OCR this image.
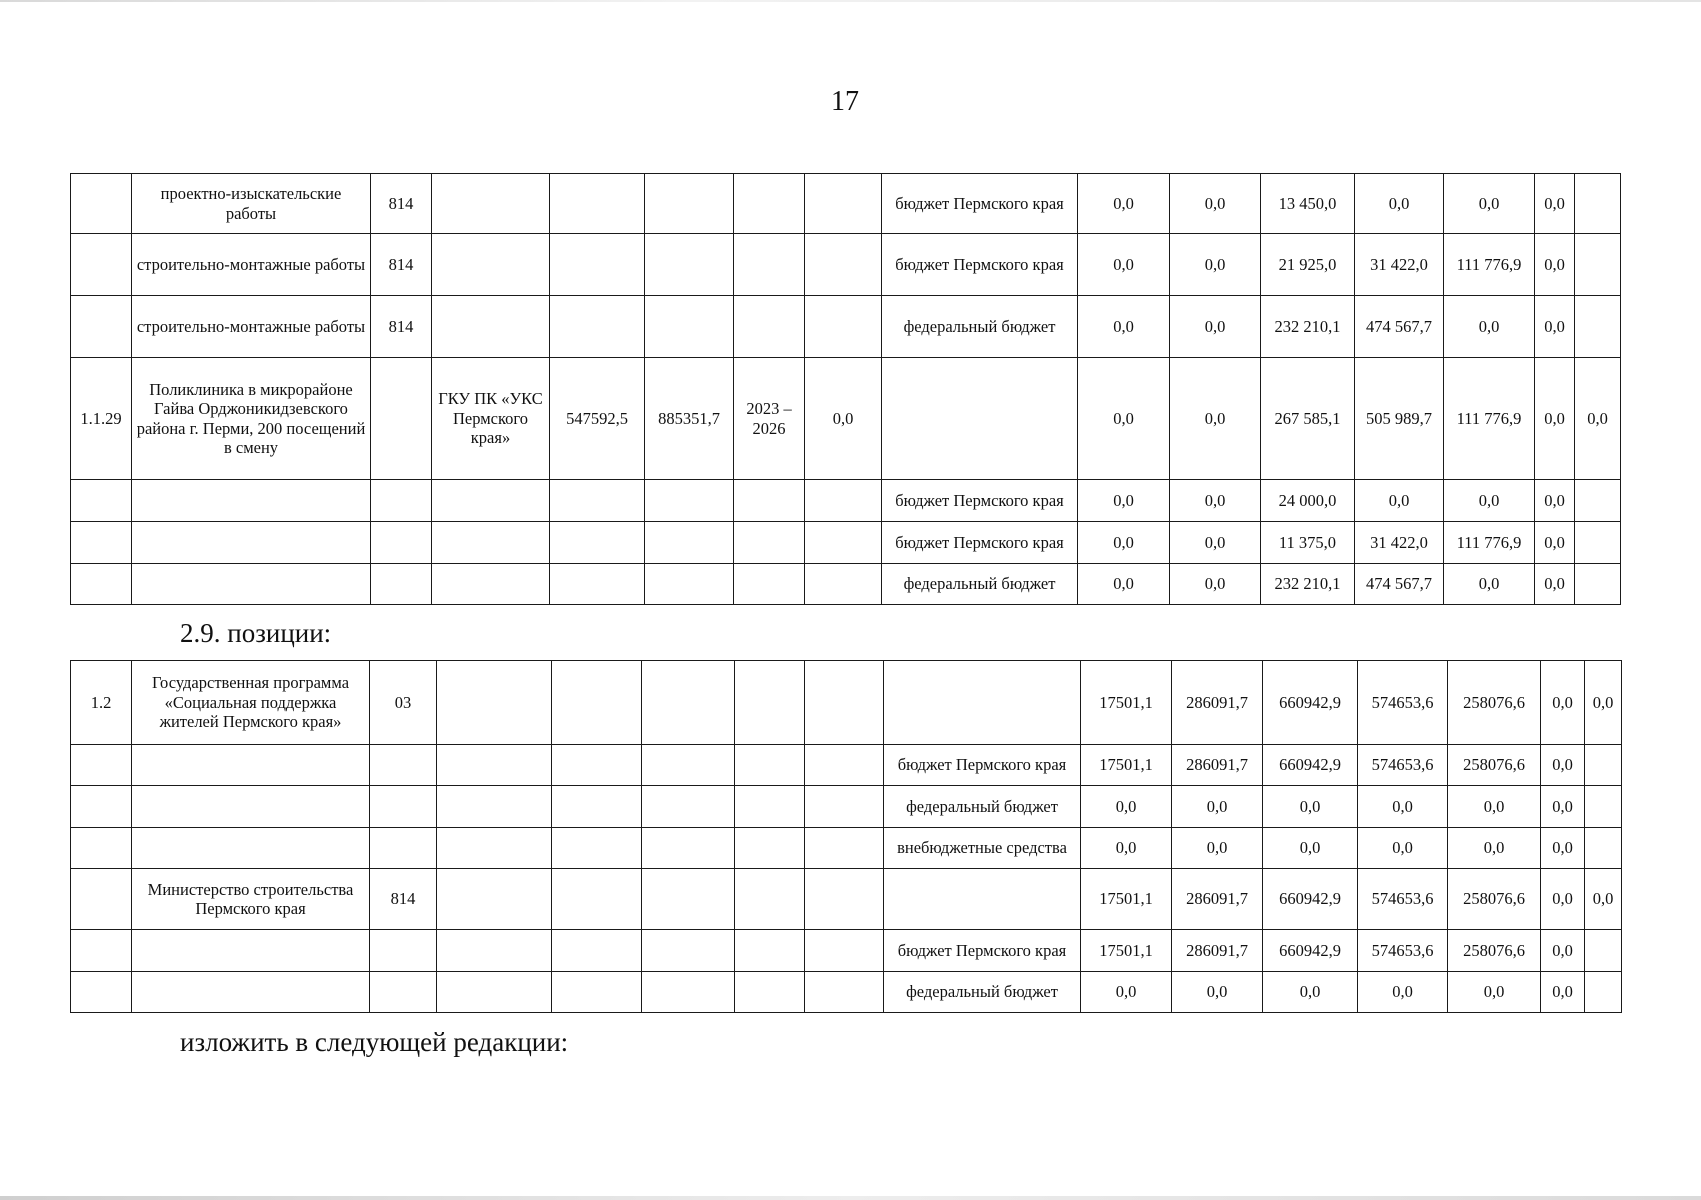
17
	проектно-изыскательские работы	814						бюджет Пермского края	0,0	0,0	13 450,0	0,0	0,0	0,0	
	строительно-монтажные работы	814						бюджет Пермского края	0,0	0,0	21 925,0	31 422,0	111 776,9	0,0	
	строительно-монтажные работы	814						федеральный бюджет	0,0	0,0	232 210,1	474 567,7	0,0	0,0	
1.1.29	Поликлиника в микрорайоне Гайва Орджоникидзевского района г. Перми, 200 посещений в смену		ГКУ ПК «УКС Пермского края»	547592,5	885351,7	2023 – 2026	0,0		0,0	0,0	267 585,1	505 989,7	111 776,9	0,0	0,0
								бюджет Пермского края	0,0	0,0	24 000,0	0,0	0,0	0,0	
								бюджет Пермского края	0,0	0,0	11 375,0	31 422,0	111 776,9	0,0	
								федеральный бюджет	0,0	0,0	232 210,1	474 567,7	0,0	0,0	
2.9. позиции:
1.2	Государственная программа «Социальная поддержка жителей Пермского края»	03							17501,1	286091,7	660942,9	574653,6	258076,6	0,0	0,0
								бюджет Пермского края	17501,1	286091,7	660942,9	574653,6	258076,6	0,0	
								федеральный бюджет	0,0	0,0	0,0	0,0	0,0	0,0	
								внебюджетные средства	0,0	0,0	0,0	0,0	0,0	0,0	
	Министерство строительства Пермского края	814							17501,1	286091,7	660942,9	574653,6	258076,6	0,0	0,0
								бюджет Пермского края	17501,1	286091,7	660942,9	574653,6	258076,6	0,0	
								федеральный бюджет	0,0	0,0	0,0	0,0	0,0	0,0	
изложить в следующей редакции:
